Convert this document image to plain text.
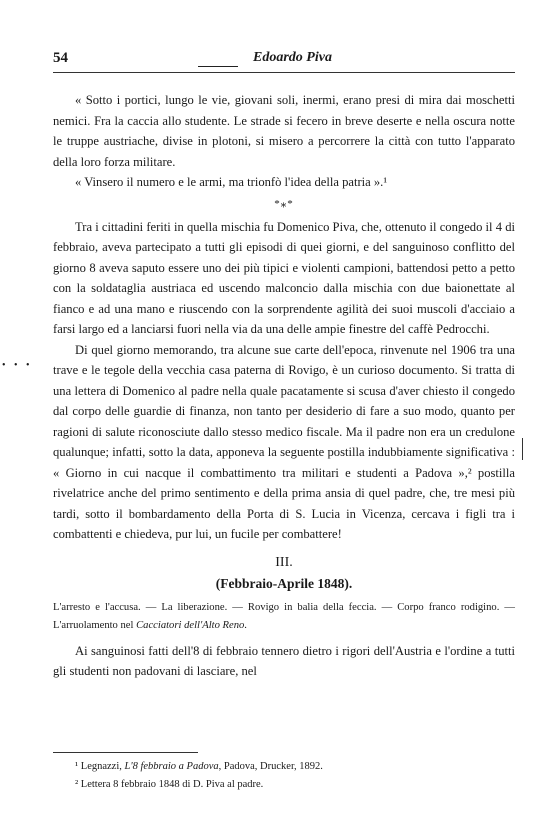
54	Edoardo Piva
• • •

« Sotto i portici, lungo le vie, giovani soli, inermi, erano presi di mira dai moschetti nemici. Fra la caccia allo studente. Le strade si fecero in breve deserte e nella oscura notte le truppe austriache, divise in plotoni, si misero a percorrere la città con tutto l'apparato della loro forza militare.

« Vinsero il numero e le armi, ma trionfò l'idea della patria ».¹

*⁎*

Tra i cittadini feriti in quella mischia fu Domenico Piva, che, ottenuto il congedo il 4 di febbraio, aveva partecipato a tutti gli episodi di quei giorni, e del sanguinoso conflitto del giorno 8 aveva saputo essere uno dei più tipici e violenti campioni, battendosi petto a petto con la soldataglia austriaca ed uscendo malconcio dalla mischia con due baionettate al fianco e ad una mano e riuscendo con la sorprendente agilità dei suoi muscoli d'acciaio a farsi largo ed a lanciarsi fuori nella via da una delle ampie finestre del caffè Pedrocchi.

Di quel giorno memorando, tra alcune sue carte dell'epoca, rinvenute nel 1906 tra una trave e le tegole della vecchia casa paterna di Rovigo, è un curioso documento. Si tratta di una lettera di Domenico al padre nella quale pacatamente si scusa d'aver chiesto il congedo dal corpo delle guardie di finanza, non tanto per desiderio di fare a suo modo, quanto per ragioni di salute riconosciute dallo stesso medico fiscale. Ma il padre non era un credulone qualunque; infatti, sotto la data, apponeva la seguente postilla indubbiamente significativa : « Giorno in cui nacque il combattimento tra militari e studenti a Padova »,² postilla rivelatrice anche del primo sentimento e della prima ansia di quel padre, che, tre mesi più tardi, sotto il bombardamento della Porta di S. Lucia in Vicenza, cercava i figli tra i combattenti e chiedeva, pur lui, un fucile per combattere!

III.
(Febbraio-Aprile 1848).
L'arresto e l'accusa. — La liberazione. — Rovigo in balia della feccia. — Corpo franco rodigino. — L'arruolamento nel Cacciatori dell'Alto Reno.

Ai sanguinosi fatti dell'8 di febbraio tennero dietro i rigori dell'Austria e l'ordine a tutti gli studenti non padovani di lasciare, nel

¹ Legnazzi, L'8 febbraio a Padova, Padova, Drucker, 1892.
² Lettera 8 febbraio 1848 di D. Piva al padre.
